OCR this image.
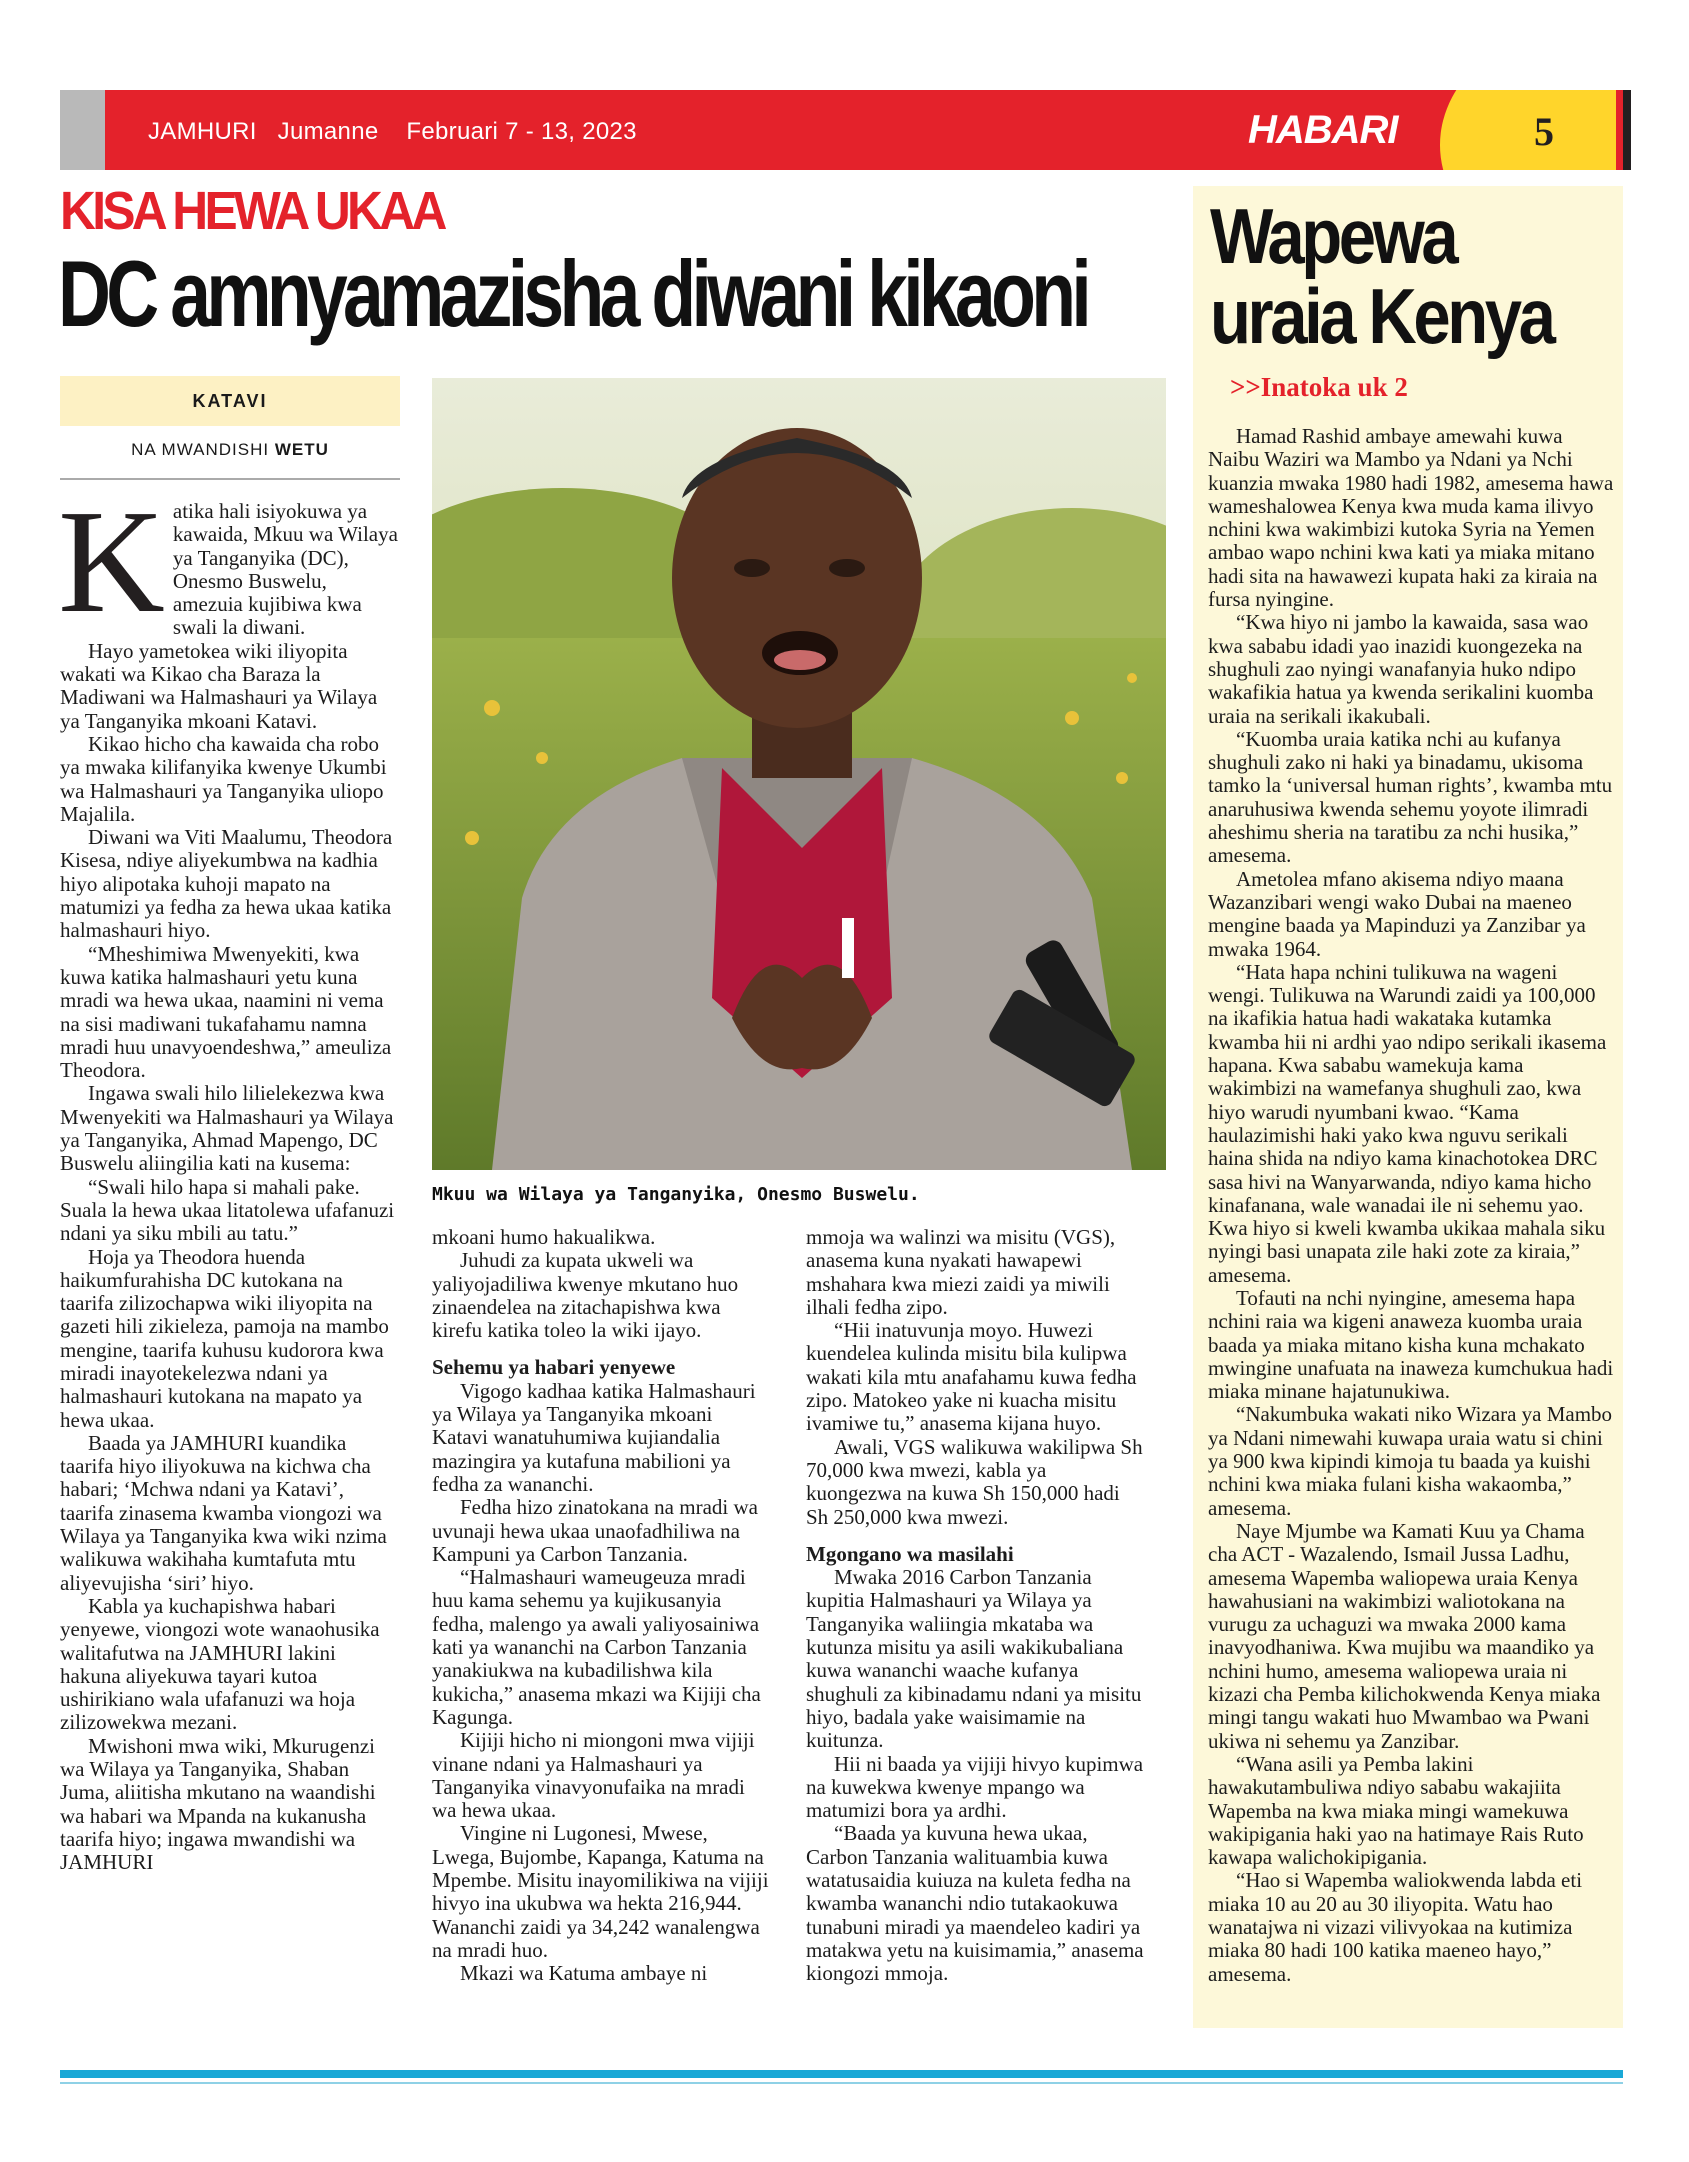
JAMHURI Jumanne Februari 7 - 13, 2023	HABARI	5
KISA HEWA UKAA
DC amnyamazisha diwani kikaoni
KATAVI
NA MWANDISHI WETU
K atika hali isiyokuwa ya kawaida, Mkuu wa Wilaya ya Tanganyika (DC), Onesmo Buswelu, amezuia kujibiwa kwa swali la diwani.

Hayo yametokea wiki iliyopita wakati wa Kikao cha Baraza la Madiwani wa Halmashauri ya Wilaya ya Tanganyika mkoani Katavi.

Kikao hicho cha kawaida cha robo ya mwaka kilifanyika kwenye Ukumbi wa Halmashauri ya Tanganyika uliopo Majalila.

Diwani wa Viti Maalumu, Theodora Kisesa, ndiye aliyekumbwa na kadhia hiyo alipotaka kuhoji mapato na matumizi ya fedha za hewa ukaa katika halmashauri hiyo.

“Mheshimiwa Mwenyekiti, kwa kuwa katika halmashauri yetu kuna mradi wa hewa ukaa, naamini ni vema na sisi madiwani tukafahamu namna mradi huu unavyoendeshwa,” ameuliza Theodora.

Ingawa swali hilo lilielekezwa kwa Mwenyekiti wa Halmashauri ya Wilaya ya Tanganyika, Ahmad Mapengo, DC Buswelu aliingilia kati na kusema:

“Swali hilo hapa si mahali pake. Suala la hewa ukaa litatolewa ufafanuzi ndani ya siku mbili au tatu.”

Hoja ya Theodora huenda haikumfurahisha DC kutokana na taarifa zilizochapwa wiki iliyopita na gazeti hili zikieleza, pamoja na mambo mengine, taarifa kuhusu kudorora kwa miradi inayotekelezwa ndani ya halmashauri kutokana na mapato ya hewa ukaa.

Baada ya JAMHURI kuandika taarifa hiyo iliyokuwa na kichwa cha habari; ‘Mchwa ndani ya Katavi’, taarifa zinasema kwamba viongozi wa Wilaya ya Tanganyika kwa wiki nzima walikuwa wakihaha kumtafuta mtu aliyevujisha ‘siri’ hiyo.

Kabla ya kuchapishwa habari yenyewe, viongozi wote wanaohusika walitafutwa na JAMHURI lakini hakuna aliyekuwa tayari kutoa ushirikiano wala ufafanuzi wa hoja zilizowekwa mezani.

Mwishoni mwa wiki, Mkurugenzi wa Wilaya ya Tanganyika, Shaban Juma, aliitisha mkutano na waandishi wa habari wa Mpanda na kukanusha taarifa hiyo; ingawa mwandishi wa JAMHURI

Mkuu wa Wilaya ya Tanganyika, Onesmo Buswelu.

mkoani humo hakualikwa.

Juhudi za kupata ukweli wa yaliyojadiliwa kwenye mkutano huo zinaendelea na zitachapishwa kwa kirefu katika toleo la wiki ijayo.

Sehemu ya habari yenyewe

Vigogo kadhaa katika Halmashauri ya Wilaya ya Tanganyika mkoani Katavi wanatuhumiwa kujiandalia mazingira ya kutafuna mabilioni ya fedha za wananchi.

Fedha hizo zinatokana na mradi wa uvunaji hewa ukaa unaofadhiliwa na Kampuni ya Carbon Tanzania.

“Halmashauri wameugeuza mradi huu kama sehemu ya kujikusanyia fedha, malengo ya awali yaliyosainiwa kati ya wananchi na Carbon Tanzania yanakiukwa na kubadilishwa kila kukicha,” anasema mkazi wa Kijiji cha Kagunga.

Kijiji hicho ni miongoni mwa vijiji vinane ndani ya Halmashauri ya Tanganyika vinavyonufaika na mradi wa hewa ukaa.

Vingine ni Lugonesi, Mwese, Lwega, Bujombe, Kapanga, Katuma na Mpembe. Misitu inayomilikiwa na vijiji hivyo ina ukubwa wa hekta 216,944. Wananchi zaidi ya 34,242 wanalengwa na mradi huo.

Mkazi wa Katuma ambaye ni

mmoja wa walinzi wa misitu (VGS), anasema kuna nyakati hawapewi mshahara kwa miezi zaidi ya miwili ilhali fedha zipo.

“Hii inatuvunja moyo. Huwezi kuendelea kulinda misitu bila kulipwa wakati kila mtu anafahamu kuwa fedha zipo. Matokeo yake ni kuacha misitu ivamiwe tu,” anasema kijana huyo.

Awali, VGS walikuwa wakilipwa Sh 70,000 kwa mwezi, kabla ya kuongezwa na kuwa Sh 150,000 hadi Sh 250,000 kwa mwezi.

Mgongano wa masilahi

Mwaka 2016 Carbon Tanzania kupitia Halmashauri ya Wilaya ya Tanganyika waliingia mkataba wa kutunza misitu ya asili wakikubaliana kuwa wananchi waache kufanya shughuli za kibinadamu ndani ya misitu hiyo, badala yake waisimamie na kuitunza.

Hii ni baada ya vijiji hivyo kupimwa na kuwekwa kwenye mpango wa matumizi bora ya ardhi.

“Baada ya kuvuna hewa ukaa, Carbon Tanzania walituambia kuwa watatusaidia kuiuza na kuleta fedha na kwamba wananchi ndio tutakaokuwa tunabuni miradi ya maendeleo kadiri ya matakwa yetu na kuisimamia,” anasema kiongozi mmoja.

Wapewa
uraia Kenya
>>Inatoka uk 2

Hamad Rashid ambaye amewahi kuwa Naibu Waziri wa Mambo ya Ndani ya Nchi kuanzia mwaka 1980 hadi 1982, amesema hawa wameshalowea Kenya kwa muda kama ilivyo nchini kwa wakimbizi kutoka Syria na Yemen ambao wapo nchini kwa kati ya miaka mitano hadi sita na hawawezi kupata haki za kiraia na fursa nyingine.

“Kwa hiyo ni jambo la kawaida, sasa wao kwa sababu idadi yao inazidi kuongezeka na shughuli zao nyingi wanafanyia huko ndipo wakafikia hatua ya kwenda serikalini kuomba uraia na serikali ikakubali.

“Kuomba uraia katika nchi au kufanya shughuli zako ni haki ya binadamu, ukisoma tamko la ‘universal human rights’, kwamba mtu anaruhusiwa kwenda sehemu yoyote ilimradi aheshimu sheria na taratibu za nchi husika,” amesema.

Ametolea mfano akisema ndiyo maana Wazanzibari wengi wako Dubai na maeneo mengine baada ya Mapinduzi ya Zanzibar ya mwaka 1964.

“Hata hapa nchini tulikuwa na wageni wengi. Tulikuwa na Warundi zaidi ya 100,000 na ikafikia hatua hadi wakataka kutamka kwamba hii ni ardhi yao ndipo serikali ikasema hapana. Kwa sababu wamekuja kama wakimbizi na wamefanya shughuli zao, kwa hiyo warudi nyumbani kwao. “Kama haulazimishi haki yako kwa nguvu serikali haina shida na ndiyo kama kinachotokea DRC sasa hivi na Wanyarwanda, ndiyo kama hicho kinafanana, wale wanadai ile ni sehemu yao. Kwa hiyo si kweli kwamba ukikaa mahala siku nyingi basi unapata zile haki zote za kiraia,” amesema.

Tofauti na nchi nyingine, amesema hapa nchini raia wa kigeni anaweza kuomba uraia baada ya miaka mitano kisha kuna mchakato mwingine unafuata na inaweza kumchukua hadi miaka minane hajatunukiwa.

“Nakumbuka wakati niko Wizara ya Mambo ya Ndani nimewahi kuwapa uraia watu si chini ya 900 kwa kipindi kimoja tu baada ya kuishi nchini kwa miaka fulani kisha wakaomba,” amesema.

Naye Mjumbe wa Kamati Kuu ya Chama cha ACT - Wazalendo, Ismail Jussa Ladhu, amesema Wapemba waliopewa uraia Kenya hawahusiani na wakimbizi waliotokana na vurugu za uchaguzi wa mwaka 2000 kama inavyodhaniwa. Kwa mujibu wa maandiko ya nchini humo, amesema waliopewa uraia ni kizazi cha Pemba kilichokwenda Kenya miaka mingi tangu wakati huo Mwambao wa Pwani ukiwa ni sehemu ya Zanzibar.

“Wana asili ya Pemba lakini hawakutambuliwa ndiyo sababu wakajiita Wapemba na kwa miaka mingi wamekuwa wakipigania haki yao na hatimaye Rais Ruto kawapa walichokipigania.

“Hao si Wapemba waliokwenda labda eti miaka 10 au 20 au 30 iliyopita. Watu hao wanatajwa ni vizazi vilivyokaa na kutimiza miaka 80 hadi 100 katika maeneo hayo,” amesema.
